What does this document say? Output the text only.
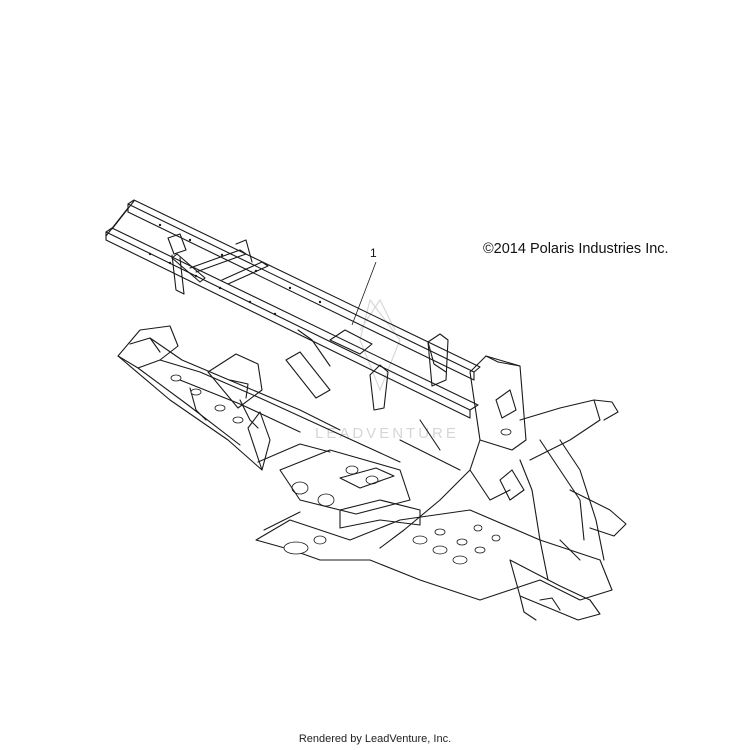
LEADVENTURE
1	©2014 Polaris Industries Inc.
Rendered by LeadVenture, Inc.
